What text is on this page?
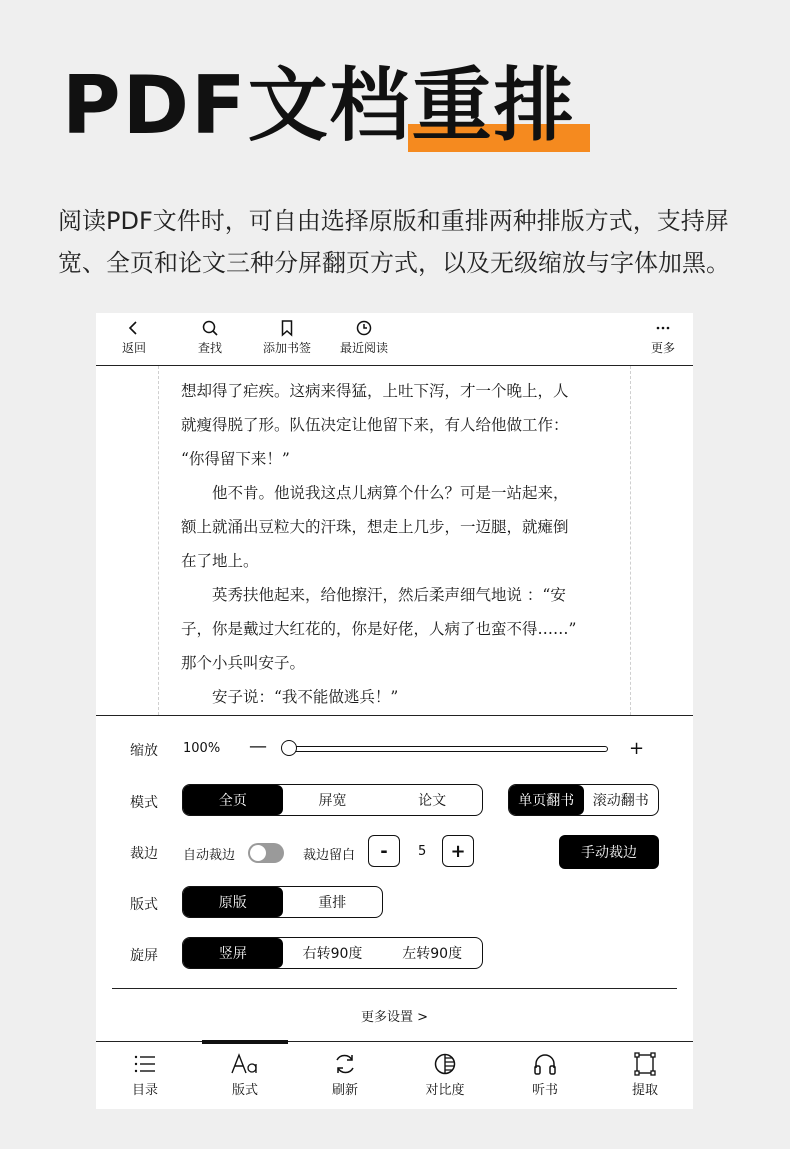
PDF文档重排
阅读PDF文件时，可自由选择原版和重排两种排版方式，支持屏宽、全页和论文三种分屏翻页方式，以及无级缩放与字体加黑。
返回	查找	添加书签	最近阅读	更多
想却得了疟疾。这病来得猛，上吐下泻，才一个晚上，人
就瘦得脱了形。队伍决定让他留下来，有人给他做工作：
“你得留下来！”
他不肯。他说我这点儿病算个什么？可是一站起来，
额上就涌出豆粒大的汗珠，想走上几步，一迈腿，就瘫倒
在了地上。
英秀扶他起来，给他擦汗，然后柔声细气地说 ：“安
子，你是戴过大红花的，你是好佬，人病了也蛮不得……”
那个小兵叫安子。
安子说：“我不能做逃兵！”
缩放 100% —	+
模式	全页	屏宽	论文	单页翻书	滚动翻书
裁边 自动裁边	裁边留白	-	5	+	手动裁边
版式	原版	重排
旋屏	竖屏	右转90度	左转90度
更多设置 >
目录	版式	刷新	对比度	听书	提取
